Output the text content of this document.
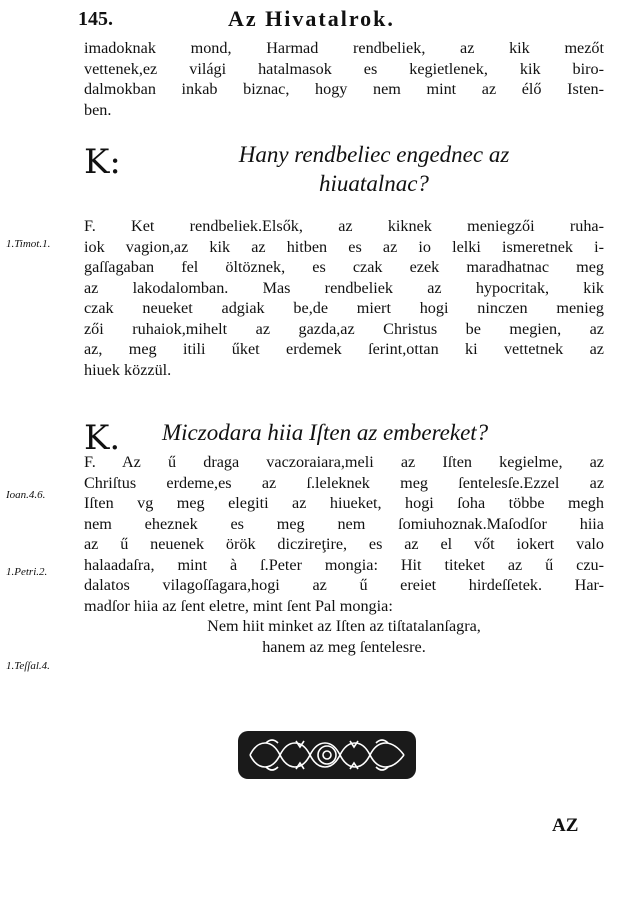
145.	Az Hivatalrok.
imadoknak mond, Harmad rendbeliek, az kik mezőt
vettenek,ez világi hatalmasok es kegietlenek, kik biro-
dalmokban inkab biznac, hogy nem mint az élő Isten-
ben.
K:	Hany rendbeliec engednec az
hiuatalnac?
1.Timot.1.
F. Ket rendbeliek.Elsők, az kiknek meniegzői ruha-
iok vagion,az kik az hitben es az io lelki ismeretnek i-
gaſſagaban fel öltöznek, es czak ezek maradhatnac meg
az lakodalomban. Mas rendbeliek az hypocritak, kik
czak neueket adgiak be,de miert hogi ninczen menieg
zői ruhaiok,mihelt az gazda,az Christus be megien, az
az, meg itili űket erdemek ſerint,ottan ki vettetnek az
hiuek közzül.
K.	Miczodara hiia Iſten az embereket?
Ioan.4.6.
1.Petri.2.
1.Teſſal.4.
F. Az ű draga vaczoraiara,meli az Iſten kegielme, az
Chriſtus erdeme,es az ſ.leleknek meg ſentelesſe.Ezzel az
Iſten vg meg elegiti az hiueket, hogi ſoha többe megh
nem eheznek es meg nem ſomiuhoznak.Maſodſor hiia
az ű neuenek örök diczireţire, es az el vőt iokert valo
halaadaſra, mint à ſ.Peter mongia: Hit titeket az ű czu-
dalatos vilagoſſagara,hogi az ű ereiet hirdeſſetek. Har-
madſor hiia az ſent eletre, mint ſent Pal mongia:
Nem hiit minket az Iſten az tiſtatalanſagra,
hanem az meg ſentelesre.
AZ
